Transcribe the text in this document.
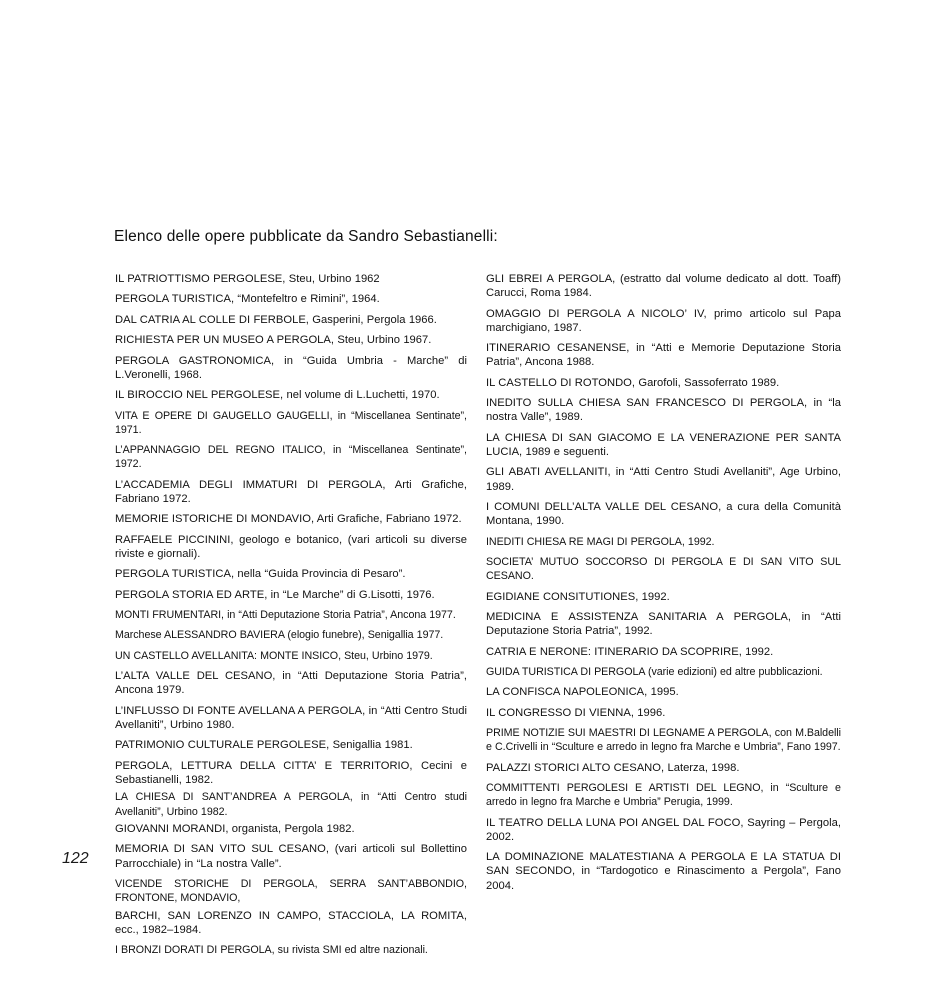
Elenco delle opere pubblicate da Sandro Sebastianelli:

IL PATRIOTTISMO PERGOLESE, Steu, Urbino 1962

PERGOLA TURISTICA, “Montefeltro e Rimini”, 1964.

DAL CATRIA AL COLLE DI FERBOLE, Gasperini, Pergola 1966.

RICHIESTA PER UN MUSEO A PERGOLA, Steu, Urbino 1967.

PERGOLA GASTRONOMICA, in “Guida Umbria - Marche” di L.Veronelli, 1968.

IL BIROCCIO NEL PERGOLESE, nel volume di L.Luchetti, 1970.

VITA E OPERE DI GAUGELLO GAUGELLI, in “Miscellanea Sentinate”, 1971.

L’APPANNAGGIO DEL REGNO ITALICO, in “Miscellanea Sentinate”, 1972.

L’ACCADEMIA DEGLI IMMATURI DI PERGOLA, Arti Grafiche, Fabriano 1972.

MEMORIE ISTORICHE DI MONDAVIO, Arti Grafiche, Fabriano 1972.

RAFFAELE PICCININI, geologo e botanico, (vari articoli su diverse riviste e giornali).

PERGOLA TURISTICA, nella “Guida Provincia di Pesaro”.

PERGOLA STORIA ED ARTE, in “Le Marche” di G.Lisotti, 1976.

MONTI FRUMENTARI, in “Atti Deputazione Storia Patria”, Ancona 1977.

Marchese ALESSANDRO BAVIERA (elogio funebre), Senigallia 1977.

UN CASTELLO AVELLANITA: MONTE INSICO, Steu, Urbino 1979.

L’ALTA VALLE DEL CESANO, in “Atti Deputazione Storia Patria”, Ancona 1979.

L’INFLUSSO DI FONTE AVELLANA A PERGOLA, in “Atti Centro Studi Avellaniti”, Urbino 1980.

PATRIMONIO CULTURALE PERGOLESE, Senigallia 1981.

PERGOLA, LETTURA DELLA CITTA’ E TERRITORIO, Cecini e Sebastianelli, 1982.

LA CHIESA DI SANT’ANDREA A PERGOLA, in “Atti Centro studi Avellaniti”, Urbino 1982.

GIOVANNI MORANDI, organista, Pergola 1982.

MEMORIA DI SAN VITO SUL CESANO, (vari articoli sul Bollettino Parrocchiale) in “La nostra Valle”.

VICENDE STORICHE DI PERGOLA, SERRA SANT’ABBONDIO, FRONTONE, MONDAVIO,

BARCHI, SAN LORENZO IN CAMPO, STACCIOLA, LA ROMITA, ecc., 1982–1984.

I BRONZI DORATI DI PERGOLA, su rivista SMI ed altre nazionali.

GLI EBREI A PERGOLA, (estratto dal volume dedicato al dott. Toaff) Carucci, Roma 1984.

OMAGGIO DI PERGOLA A NICOLO’ IV, primo articolo sul Papa marchigiano, 1987.

ITINERARIO CESANENSE, in “Atti e Memorie Deputazione Storia Patria”, Ancona 1988.

IL CASTELLO DI ROTONDO, Garofoli, Sassoferrato 1989.

INEDITO SULLA CHIESA SAN FRANCESCO DI PERGOLA, in “la nostra Valle”, 1989.

LA CHIESA DI SAN GIACOMO E LA VENERAZIONE PER SANTA LUCIA, 1989 e seguenti.

GLI ABATI AVELLANITI, in “Atti Centro Studi Avellaniti”, Age Urbino, 1989.

I COMUNI DELL’ALTA VALLE DEL CESANO, a cura della Comunità Montana, 1990.

INEDITI CHIESA RE MAGI DI PERGOLA, 1992.

SOCIETA’ MUTUO SOCCORSO DI PERGOLA E DI SAN VITO SUL CESANO.

EGIDIANE CONSITUTIONES, 1992.

MEDICINA E ASSISTENZA SANITARIA A PERGOLA, in “Atti Deputazione Storia Patria”, 1992.

CATRIA E NERONE: ITINERARIO DA SCOPRIRE, 1992.

GUIDA TURISTICA DI PERGOLA (varie edizioni) ed altre pubblicazioni.

LA CONFISCA NAPOLEONICA, 1995.

IL CONGRESSO DI VIENNA, 1996.

PRIME NOTIZIE SUI MAESTRI DI LEGNAME A PERGOLA, con M.Baldelli e C.Crivelli in “Sculture e arredo in legno fra Marche e Umbria”, Fano 1997.

PALAZZI STORICI ALTO CESANO, Laterza, 1998.

COMMITTENTI PERGOLESI E ARTISTI DEL LEGNO, in “Sculture e arredo in legno fra Marche e Umbria” Perugia, 1999.

IL TEATRO DELLA LUNA POI ANGEL DAL FOCO, Sayring – Pergola, 2002.

LA DOMINAZIONE MALATESTIANA A PERGOLA E LA STATUA DI SAN SECONDO, in “Tardogotico e Rinascimento a Pergola”, Fano 2004.

122
